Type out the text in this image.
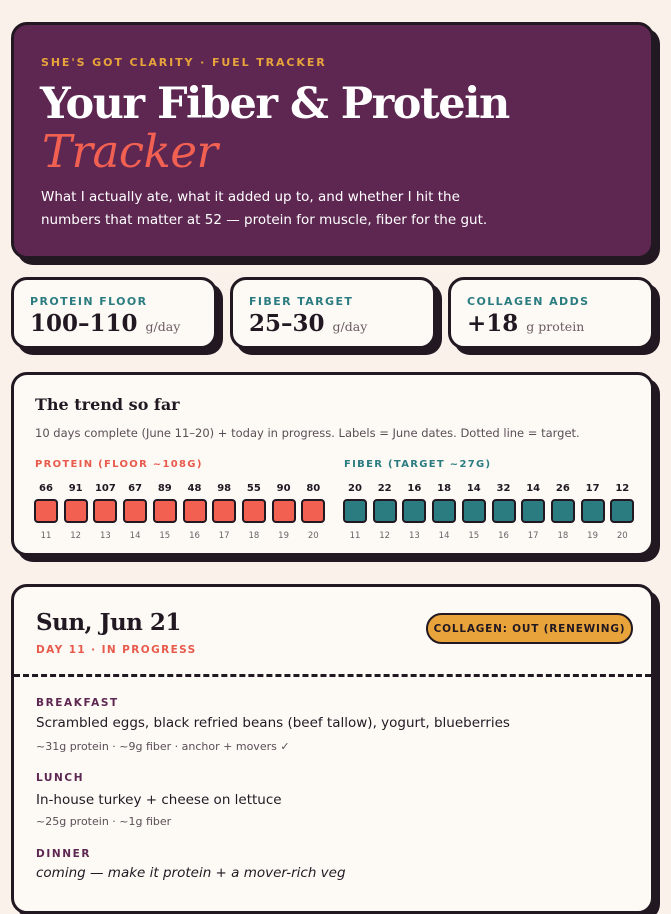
SHE'S GOT CLARITY · FUEL TRACKER
Your Fiber & Protein
Tracker
What I actually ate, what it added up to, and whether I hit the numbers that matter at 52 — protein for muscle, fiber for the gut.
PROTEIN FLOOR
100–110 g/day
FIBER TARGET
25–30 g/day
COLLAGEN ADDS
+18 g protein
The trend so far
10 days complete (June 11–20) + today in progress. Labels = June dates. Dotted line = target.
PROTEIN (FLOOR ~108G)	FIBER (TARGET ~27G)
66
11
91
12
107
13
67
14
89
15
48
16
98
17
55
18
90
19
80
20
20
11
22
12
16
13
18
14
14
15
32
16
14
17
26
18
17
19
12
20
Sun, Jun 21
DAY 11 · IN PROGRESS
COLLAGEN: OUT (RENEWING)
BREAKFAST
Scrambled eggs, black refried beans (beef tallow), yogurt, blueberries
~31g protein · ~9g fiber · anchor + movers ✓
LUNCH
In-house turkey + cheese on lettuce
~25g protein · ~1g fiber
DINNER
coming — make it protein + a mover-rich veg
